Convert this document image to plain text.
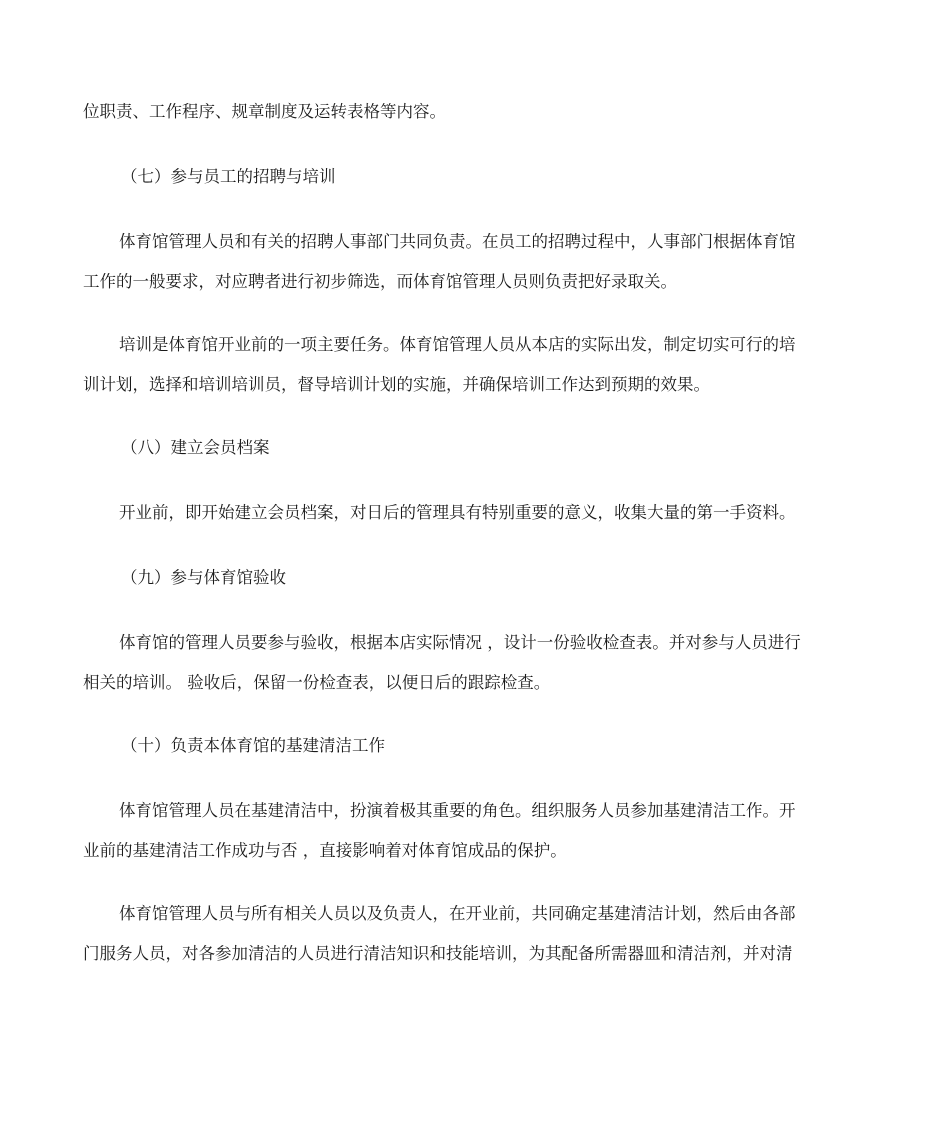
位职责、工作程序、规章制度及运转表格等内容。

（七）参与员工的招聘与培训

体育馆管理人员和有关的招聘人事部门共同负责。在员工的招聘过程中，人事部门根据体育馆

工作的一般要求，对应聘者进行初步筛选，而体育馆管理人员则负责把好录取关。

培训是体育馆开业前的一项主要任务。体育馆管理人员从本店的实际出发，制定切实可行的培

训计划，选择和培训培训员，督导培训计划的实施，并确保培训工作达到预期的效果。

（八）建立会员档案

开业前，即开始建立会员档案，对日后的管理具有特别重要的意义，收集大量的第一手资料。

（九）参与体育馆验收

体育馆的管理人员要参与验收，根据本店实际情况 ，设计一份验收检查表。并对参与人员进行

相关的培训。 验收后，保留一份检查表，以便日后的跟踪检查。

（十）负责本体育馆的基建清洁工作

体育馆管理人员在基建清洁中，扮演着极其重要的角色。组织服务人员参加基建清洁工作。开

业前的基建清洁工作成功与否 ，直接影响着对体育馆成品的保护。

体育馆管理人员与所有相关人员以及负责人，在开业前，共同确定基建清洁计划，然后由各部

门服务人员，对各参加清洁的人员进行清洁知识和技能培训，为其配备所需器皿和清洁剂，并对清
